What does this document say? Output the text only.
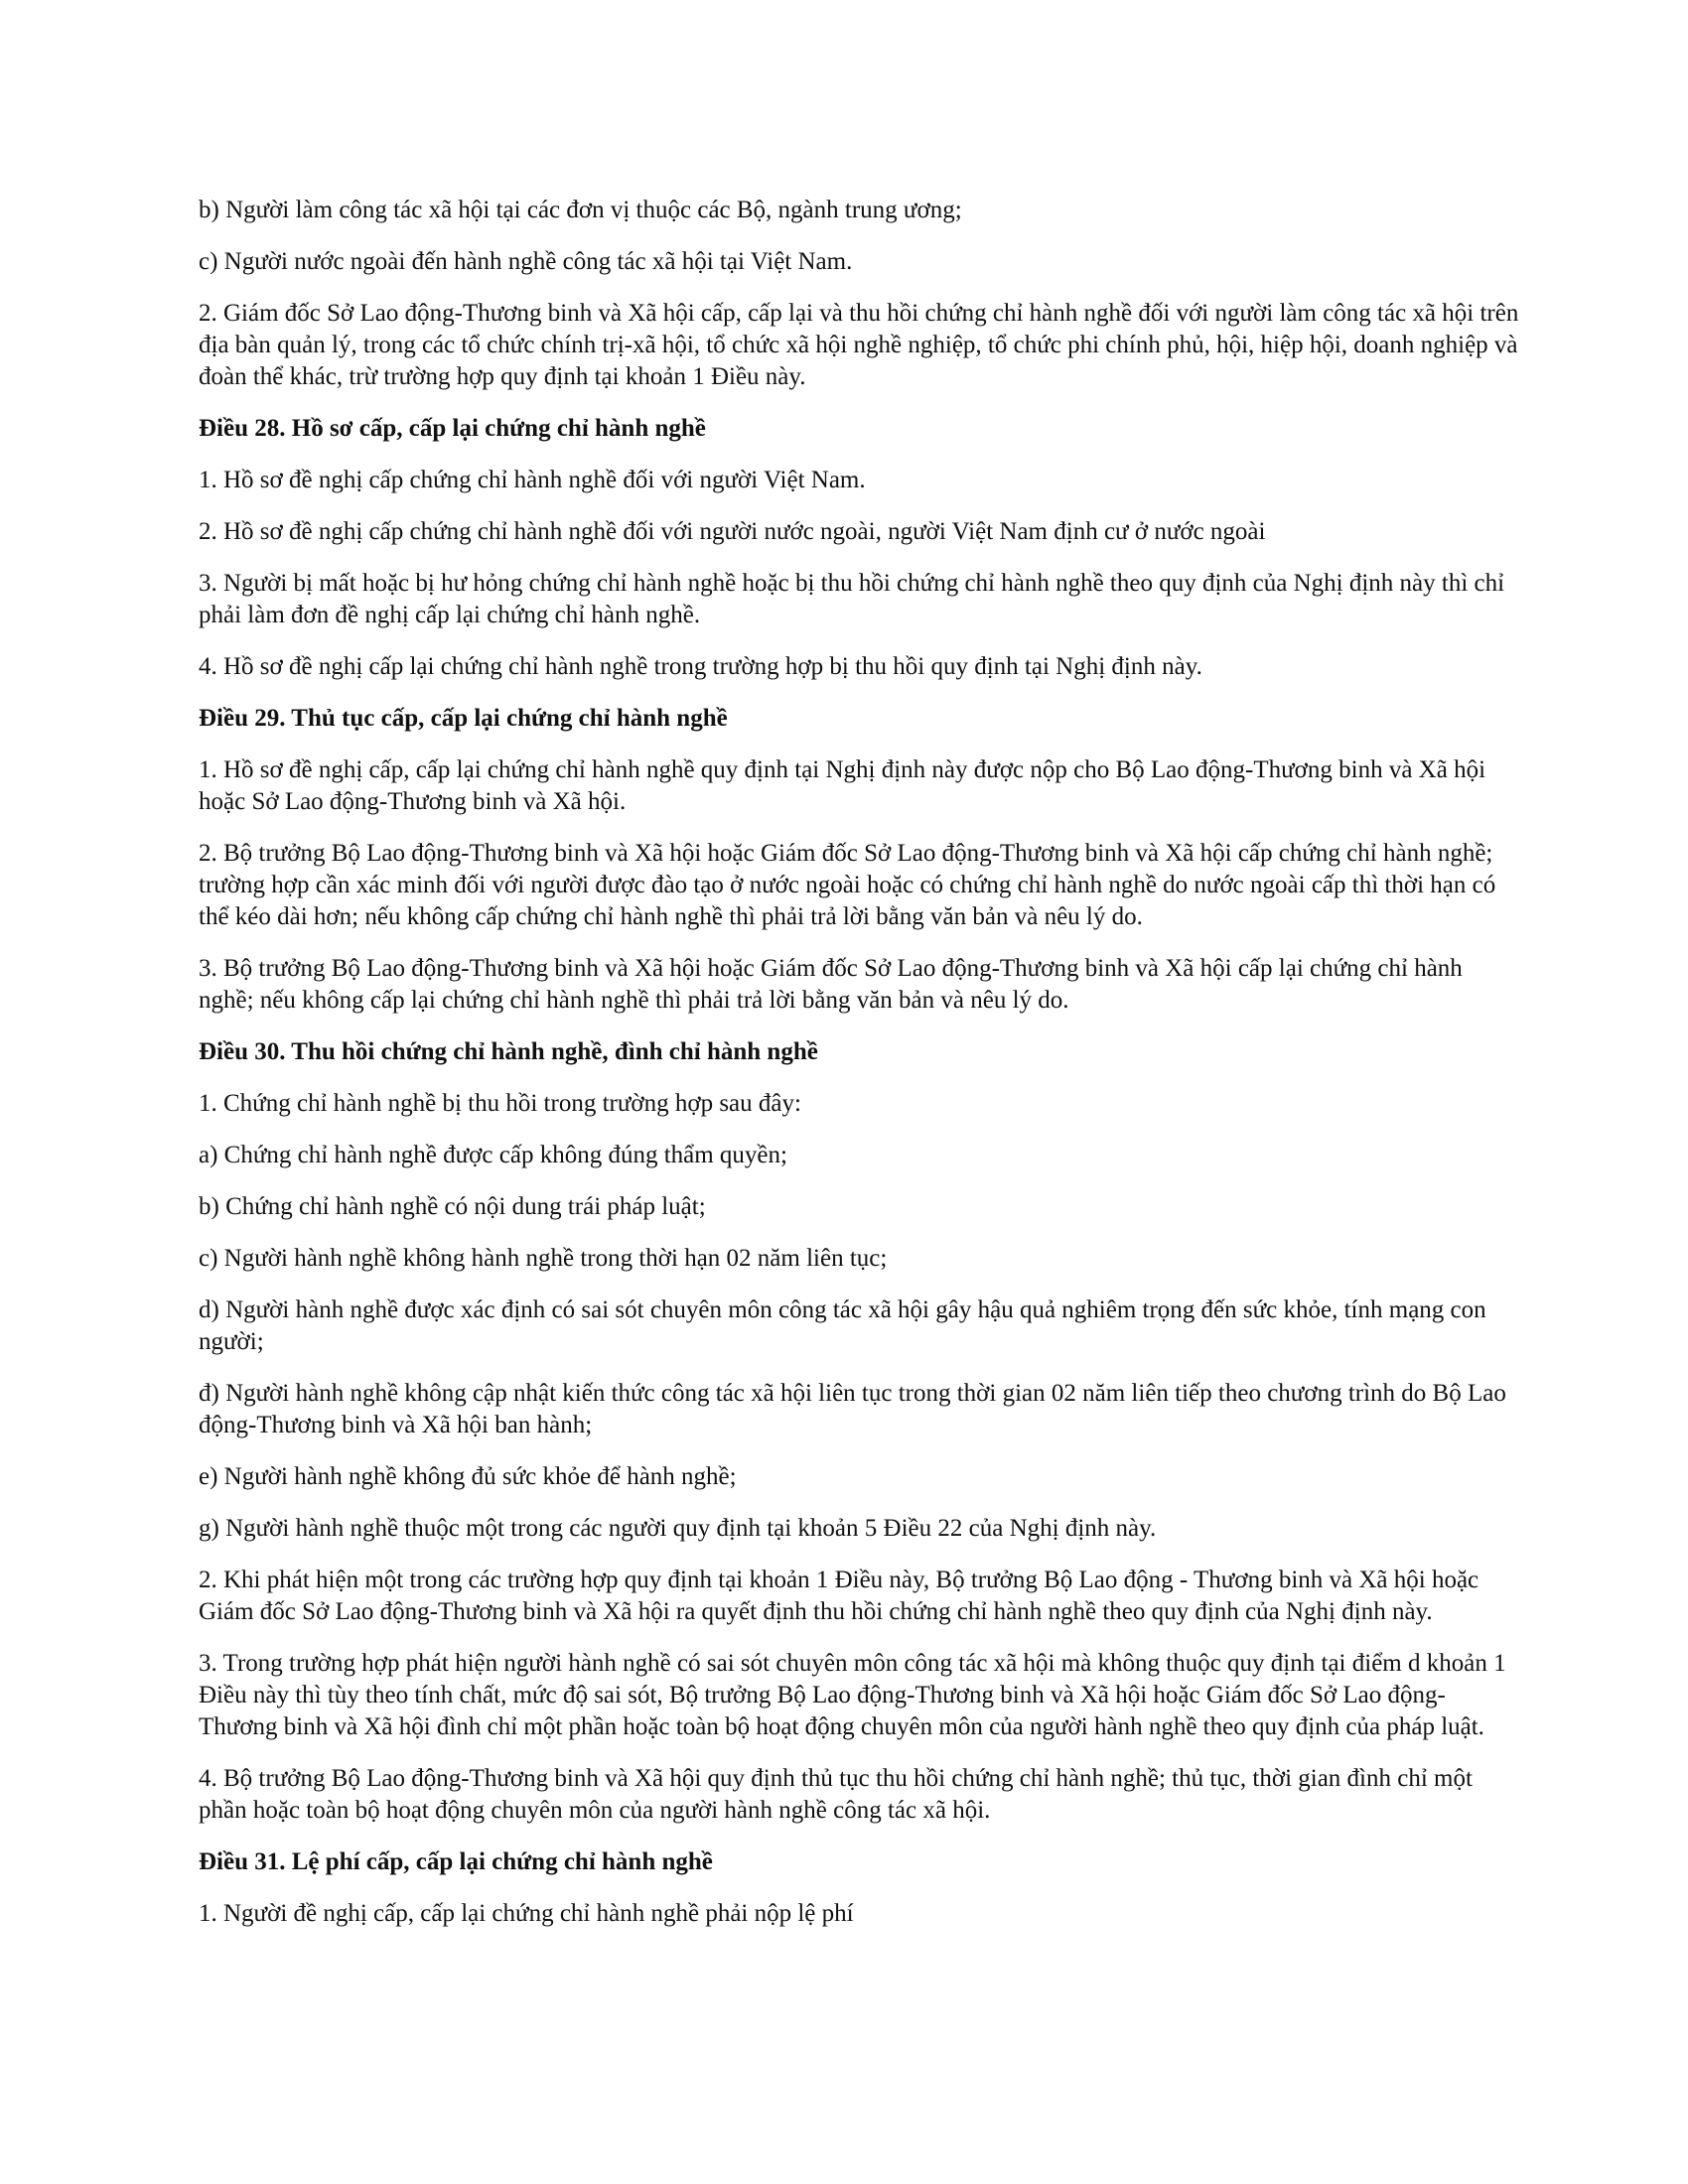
b) Người làm công tác xã hội tại các đơn vị thuộc các Bộ, ngành trung ương;

c) Người nước ngoài đến hành nghề công tác xã hội tại Việt Nam.

2. Giám đốc Sở Lao động-Thương binh và Xã hội cấp, cấp lại và thu hồi chứng chỉ hành nghề đối với người làm công tác xã hội trên địa bàn quản lý, trong các tổ chức chính trị-xã hội, tổ chức xã hội nghề nghiệp, tổ chức phi chính phủ, hội, hiệp hội, doanh nghiệp và đoàn thể khác, trừ trường hợp quy định tại khoản 1 Điều này.

Điều 28. Hồ sơ cấp, cấp lại chứng chỉ hành nghề

1. Hồ sơ đề nghị cấp chứng chỉ hành nghề đối với người Việt Nam.

2. Hồ sơ đề nghị cấp chứng chỉ hành nghề đối với người nước ngoài, người Việt Nam định cư ở nước ngoài

3. Người bị mất hoặc bị hư hỏng chứng chỉ hành nghề hoặc bị thu hồi chứng chỉ hành nghề theo quy định của Nghị định này thì chỉ phải làm đơn đề nghị cấp lại chứng chỉ hành nghề.

4. Hồ sơ đề nghị cấp lại chứng chỉ hành nghề trong trường hợp bị thu hồi quy định tại Nghị định này.

Điều 29. Thủ tục cấp, cấp lại chứng chỉ hành nghề

1. Hồ sơ đề nghị cấp, cấp lại chứng chỉ hành nghề quy định tại Nghị định này được nộp cho Bộ Lao động-Thương binh và Xã hội hoặc Sở Lao động-Thương binh và Xã hội.

2. Bộ trưởng Bộ Lao động-Thương binh và Xã hội hoặc Giám đốc Sở Lao động-Thương binh và Xã hội cấp chứng chỉ hành nghề; trường hợp cần xác minh đối với người được đào tạo ở nước ngoài hoặc có chứng chỉ hành nghề do nước ngoài cấp thì thời hạn có thể kéo dài hơn; nếu không cấp chứng chỉ hành nghề thì phải trả lời bằng văn bản và nêu lý do.

3. Bộ trưởng Bộ Lao động-Thương binh và Xã hội hoặc Giám đốc Sở Lao động-Thương binh và Xã hội cấp lại chứng chỉ hành nghề; nếu không cấp lại chứng chỉ hành nghề thì phải trả lời bằng văn bản và nêu lý do.

Điều 30. Thu hồi chứng chỉ hành nghề, đình chỉ hành nghề

1. Chứng chỉ hành nghề bị thu hồi trong trường hợp sau đây:

a) Chứng chỉ hành nghề được cấp không đúng thẩm quyền;

b) Chứng chỉ hành nghề có nội dung trái pháp luật;

c) Người hành nghề không hành nghề trong thời hạn 02 năm liên tục;

d) Người hành nghề được xác định có sai sót chuyên môn công tác xã hội gây hậu quả nghiêm trọng đến sức khỏe, tính mạng con người;

đ) Người hành nghề không cập nhật kiến thức công tác xã hội liên tục trong thời gian 02 năm liên tiếp theo chương trình do Bộ Lao động-Thương binh và Xã hội ban hành;

e) Người hành nghề không đủ sức khỏe để hành nghề;

g) Người hành nghề thuộc một trong các người quy định tại khoản 5 Điều 22 của Nghị định này.

2. Khi phát hiện một trong các trường hợp quy định tại khoản 1 Điều này, Bộ trưởng Bộ Lao động - Thương binh và Xã hội hoặc Giám đốc Sở Lao động-Thương binh và Xã hội ra quyết định thu hồi chứng chỉ hành nghề theo quy định của Nghị định này.

3. Trong trường hợp phát hiện người hành nghề có sai sót chuyên môn công tác xã hội mà không thuộc quy định tại điểm d khoản 1 Điều này thì tùy theo tính chất, mức độ sai sót, Bộ trưởng Bộ Lao động-Thương binh và Xã hội hoặc Giám đốc Sở Lao động-Thương binh và Xã hội đình chỉ một phần hoặc toàn bộ hoạt động chuyên môn của người hành nghề theo quy định của pháp luật.

4. Bộ trưởng Bộ Lao động-Thương binh và Xã hội quy định thủ tục thu hồi chứng chỉ hành nghề; thủ tục, thời gian đình chỉ một phần hoặc toàn bộ hoạt động chuyên môn của người hành nghề công tác xã hội.

Điều 31. Lệ phí cấp, cấp lại chứng chỉ hành nghề

1. Người đề nghị cấp, cấp lại chứng chỉ hành nghề phải nộp lệ phí
